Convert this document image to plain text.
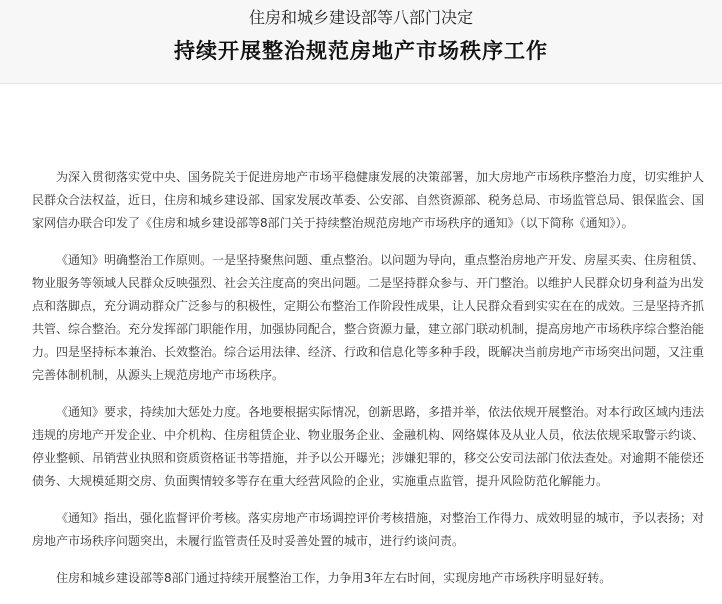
住房和城乡建设部等八部门决定
持续开展整治规范房地产市场秩序工作

为深入贯彻落实党中央、国务院关于促进房地产市场平稳健康发展的决策部署，加大房地产市场秩序整治力度，切实维护人民群众合法权益，近日，住房和城乡建设部、国家发展改革委、公安部、自然资源部、税务总局、市场监管总局、银保监会、国家网信办联合印发了《住房和城乡建设部等8部门关于持续整治规范房地产市场秩序的通知》（以下简称《通知》）。

《通知》明确整治工作原则。一是坚持聚焦问题、重点整治。以问题为导向，重点整治房地产开发、房屋买卖、住房租赁、物业服务等领域人民群众反映强烈、社会关注度高的突出问题。二是坚持群众参与、开门整治。以维护人民群众切身利益为出发点和落脚点，充分调动群众广泛参与的积极性，定期公布整治工作阶段性成果，让人民群众看到实实在在的成效。三是坚持齐抓共管、综合整治。充分发挥部门职能作用，加强协同配合，整合资源力量，建立部门联动机制，提高房地产市场秩序综合整治能力。四是坚持标本兼治、长效整治。综合运用法律、经济、行政和信息化等多种手段，既解决当前房地产市场突出问题，又注重完善体制机制，从源头上规范房地产市场秩序。

《通知》要求，持续加大惩处力度。各地要根据实际情况，创新思路，多措并举，依法依规开展整治。对本行政区域内违法违规的房地产开发企业、中介机构、住房租赁企业、物业服务企业、金融机构、网络媒体及从业人员，依法依规采取警示约谈、停业整顿、吊销营业执照和资质资格证书等措施，并予以公开曝光；涉嫌犯罪的，移交公安司法部门依法查处。对逾期不能偿还债务、大规模延期交房、负面舆情较多等存在重大经营风险的企业，实施重点监管，提升风险防范化解能力。

《通知》指出，强化监督评价考核。落实房地产市场调控评价考核措施，对整治工作得力、成效明显的城市，予以表扬；对房地产市场秩序问题突出，未履行监管责任及时妥善处置的城市，进行约谈问责。

住房和城乡建设部等8部门通过持续开展整治工作，力争用3年左右时间，实现房地产市场秩序明显好转。
